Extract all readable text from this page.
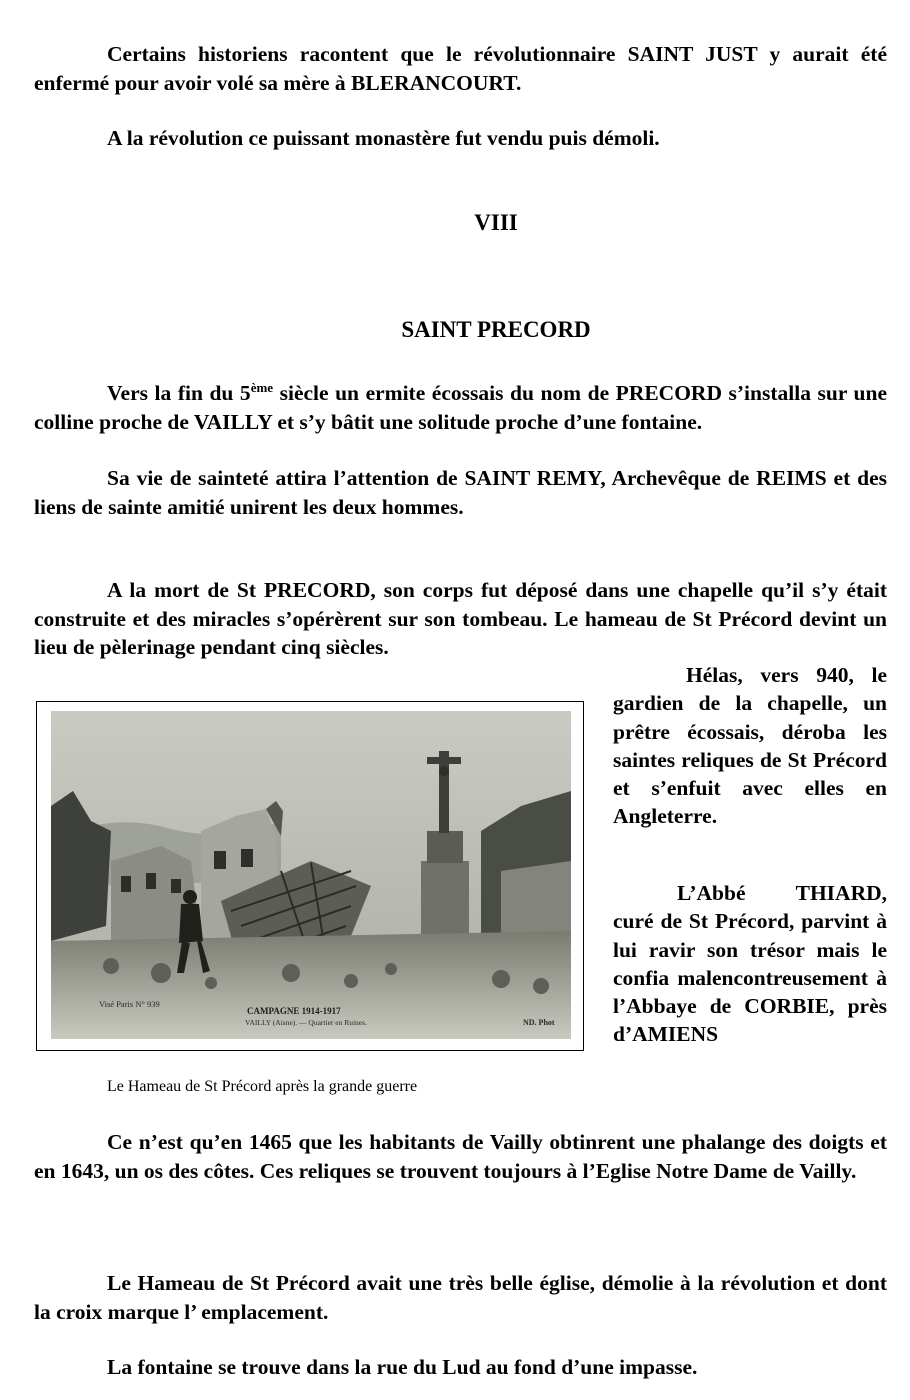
Certains historiens racontent que le révolutionnaire SAINT JUST y aurait été enfermé pour avoir volé sa mère à BLERANCOURT.

A la révolution ce puissant monastère fut vendu puis démoli.

VIII
SAINT PRECORD

Vers la fin du 5ème siècle un ermite écossais du nom de PRECORD s’installa sur une colline proche de VAILLY et s’y bâtit une solitude proche d’une fontaine.

Sa vie de sainteté attira l’attention de SAINT REMY, Archevêque de REIMS et des liens de sainte amitié unirent les deux hommes.

A la mort de St PRECORD, son corps fut déposé dans une chapelle qu’il s’y était construite et des miracles s’opérèrent sur son tombeau. Le hameau de St Précord devint un lieu de pèlerinage pendant cinq siècles.

Hélas, vers 940, le gardien de la chapelle, un prêtre écossais, déroba les saintes reliques de St Précord et s’enfuit avec elles en Angleterre.

L’Abbé THIARD, curé de St Précord, parvint à lui ravir son trésor mais le confia malencontreusement à l’Abbaye de CORBIE, près d’AMIENS

Visé Paris N° 939
CAMPAGNE 1914-1917
VAILLY (Aisne). — Quartier en Ruines.	ND. Phot

Le Hameau de St Précord après la grande guerre

Ce n’est qu’en 1465 que les habitants de Vailly obtinrent une phalange des doigts et en 1643, un os des côtes. Ces reliques se trouvent toujours à l’Eglise Notre Dame de Vailly.

Le Hameau de St Précord avait une très belle église, démolie à la révolution et dont la croix marque l’ emplacement.

La fontaine se trouve dans la rue du Lud au fond d’une impasse.
